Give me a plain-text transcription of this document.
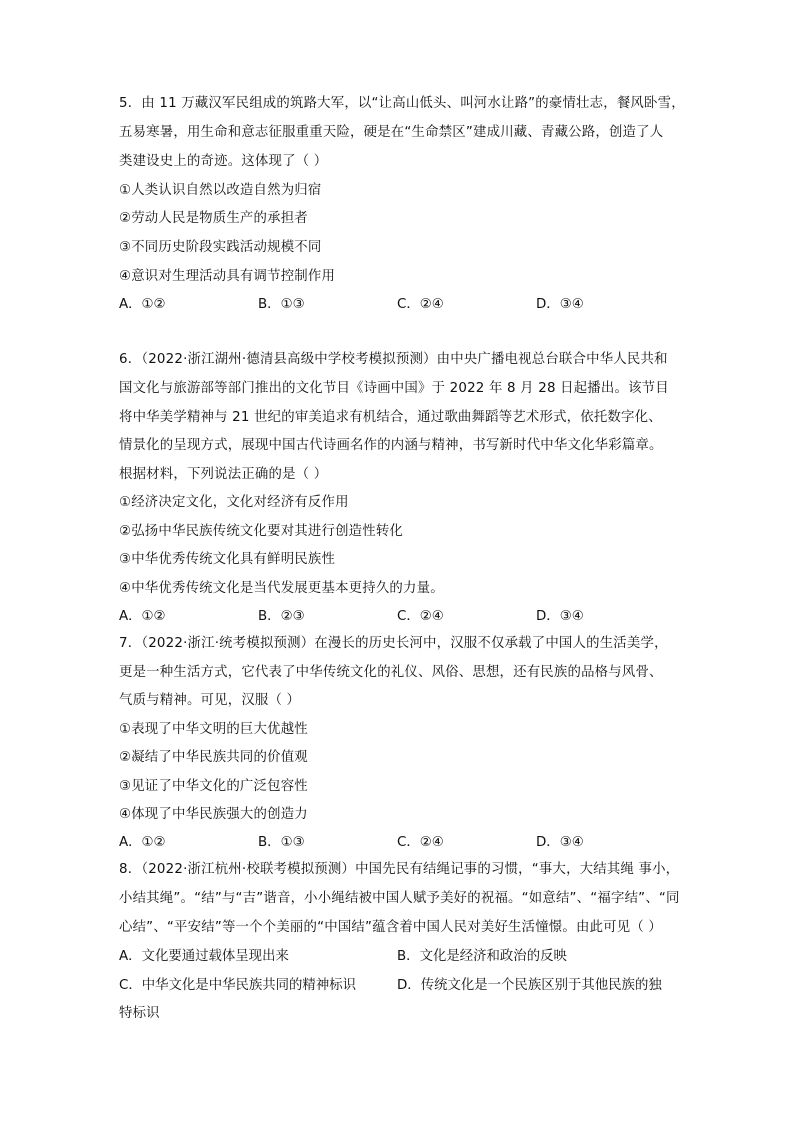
5．由 11 万藏汉军民组成的筑路大军，以“让高山低头、叫河水让路”的豪情壮志，餐风卧雪，
五易寒暑，用生命和意志征服重重天险，硬是在“生命禁区”建成川藏、青藏公路，创造了人
类建设史上的奇迹。这体现了（ ）
①人类认识自然以改造自然为归宿
②劳动人民是物质生产的承担者
③不同历史阶段实践活动规模不同
④意识对生理活动具有调节控制作用
A．①②	B．①③	C．②④	D．③④
6．（2022·浙江湖州·德清县高级中学校考模拟预测）由中央广播电视总台联合中华人民共和
国文化与旅游部等部门推出的文化节目《诗画中国》于 2022 年 8 月 28 日起播出。该节目
将中华美学精神与 21 世纪的审美追求有机结合，通过歌曲舞蹈等艺术形式，依托数字化、
情景化的呈现方式，展现中国古代诗画名作的内涵与精神，书写新时代中华文化华彩篇章。
根据材料，下列说法正确的是（ ）
①经济决定文化，文化对经济有反作用
②弘扬中华民族传统文化要对其进行创造性转化
③中华优秀传统文化具有鲜明民族性
④中华优秀传统文化是当代发展更基本更持久的力量。
A．①②	B．②③	C．②④	D．③④
7．（2022·浙江·统考模拟预测）在漫长的历史长河中，汉服不仅承载了中国人的生活美学，
更是一种生活方式，它代表了中华传统文化的礼仪、风俗、思想，还有民族的品格与风骨、
气质与精神。可见，汉服（ ）
①表现了中华文明的巨大优越性
②凝结了中华民族共同的价值观
③见证了中华文化的广泛包容性
④体现了中华民族强大的创造力
A．①②	B．①③	C．②④	D．③④
8．（2022·浙江杭州·校联考模拟预测）中国先民有结绳记事的习惯，“事大，大结其绳 事小，
小结其绳”。“结”与“吉”谐音，小小绳结被中国人赋予美好的祝福。“如意结”、“福字结”、“同
心结”、“平安结”等一个个美丽的“中国结”蕴含着中国人民对美好生活憧憬。由此可见（ ）
A．文化要通过载体呈现出来	B．文化是经济和政治的反映
C．中华文化是中华民族共同的精神标识	D．传统文化是一个民族区别于其他民族的独
特标识
